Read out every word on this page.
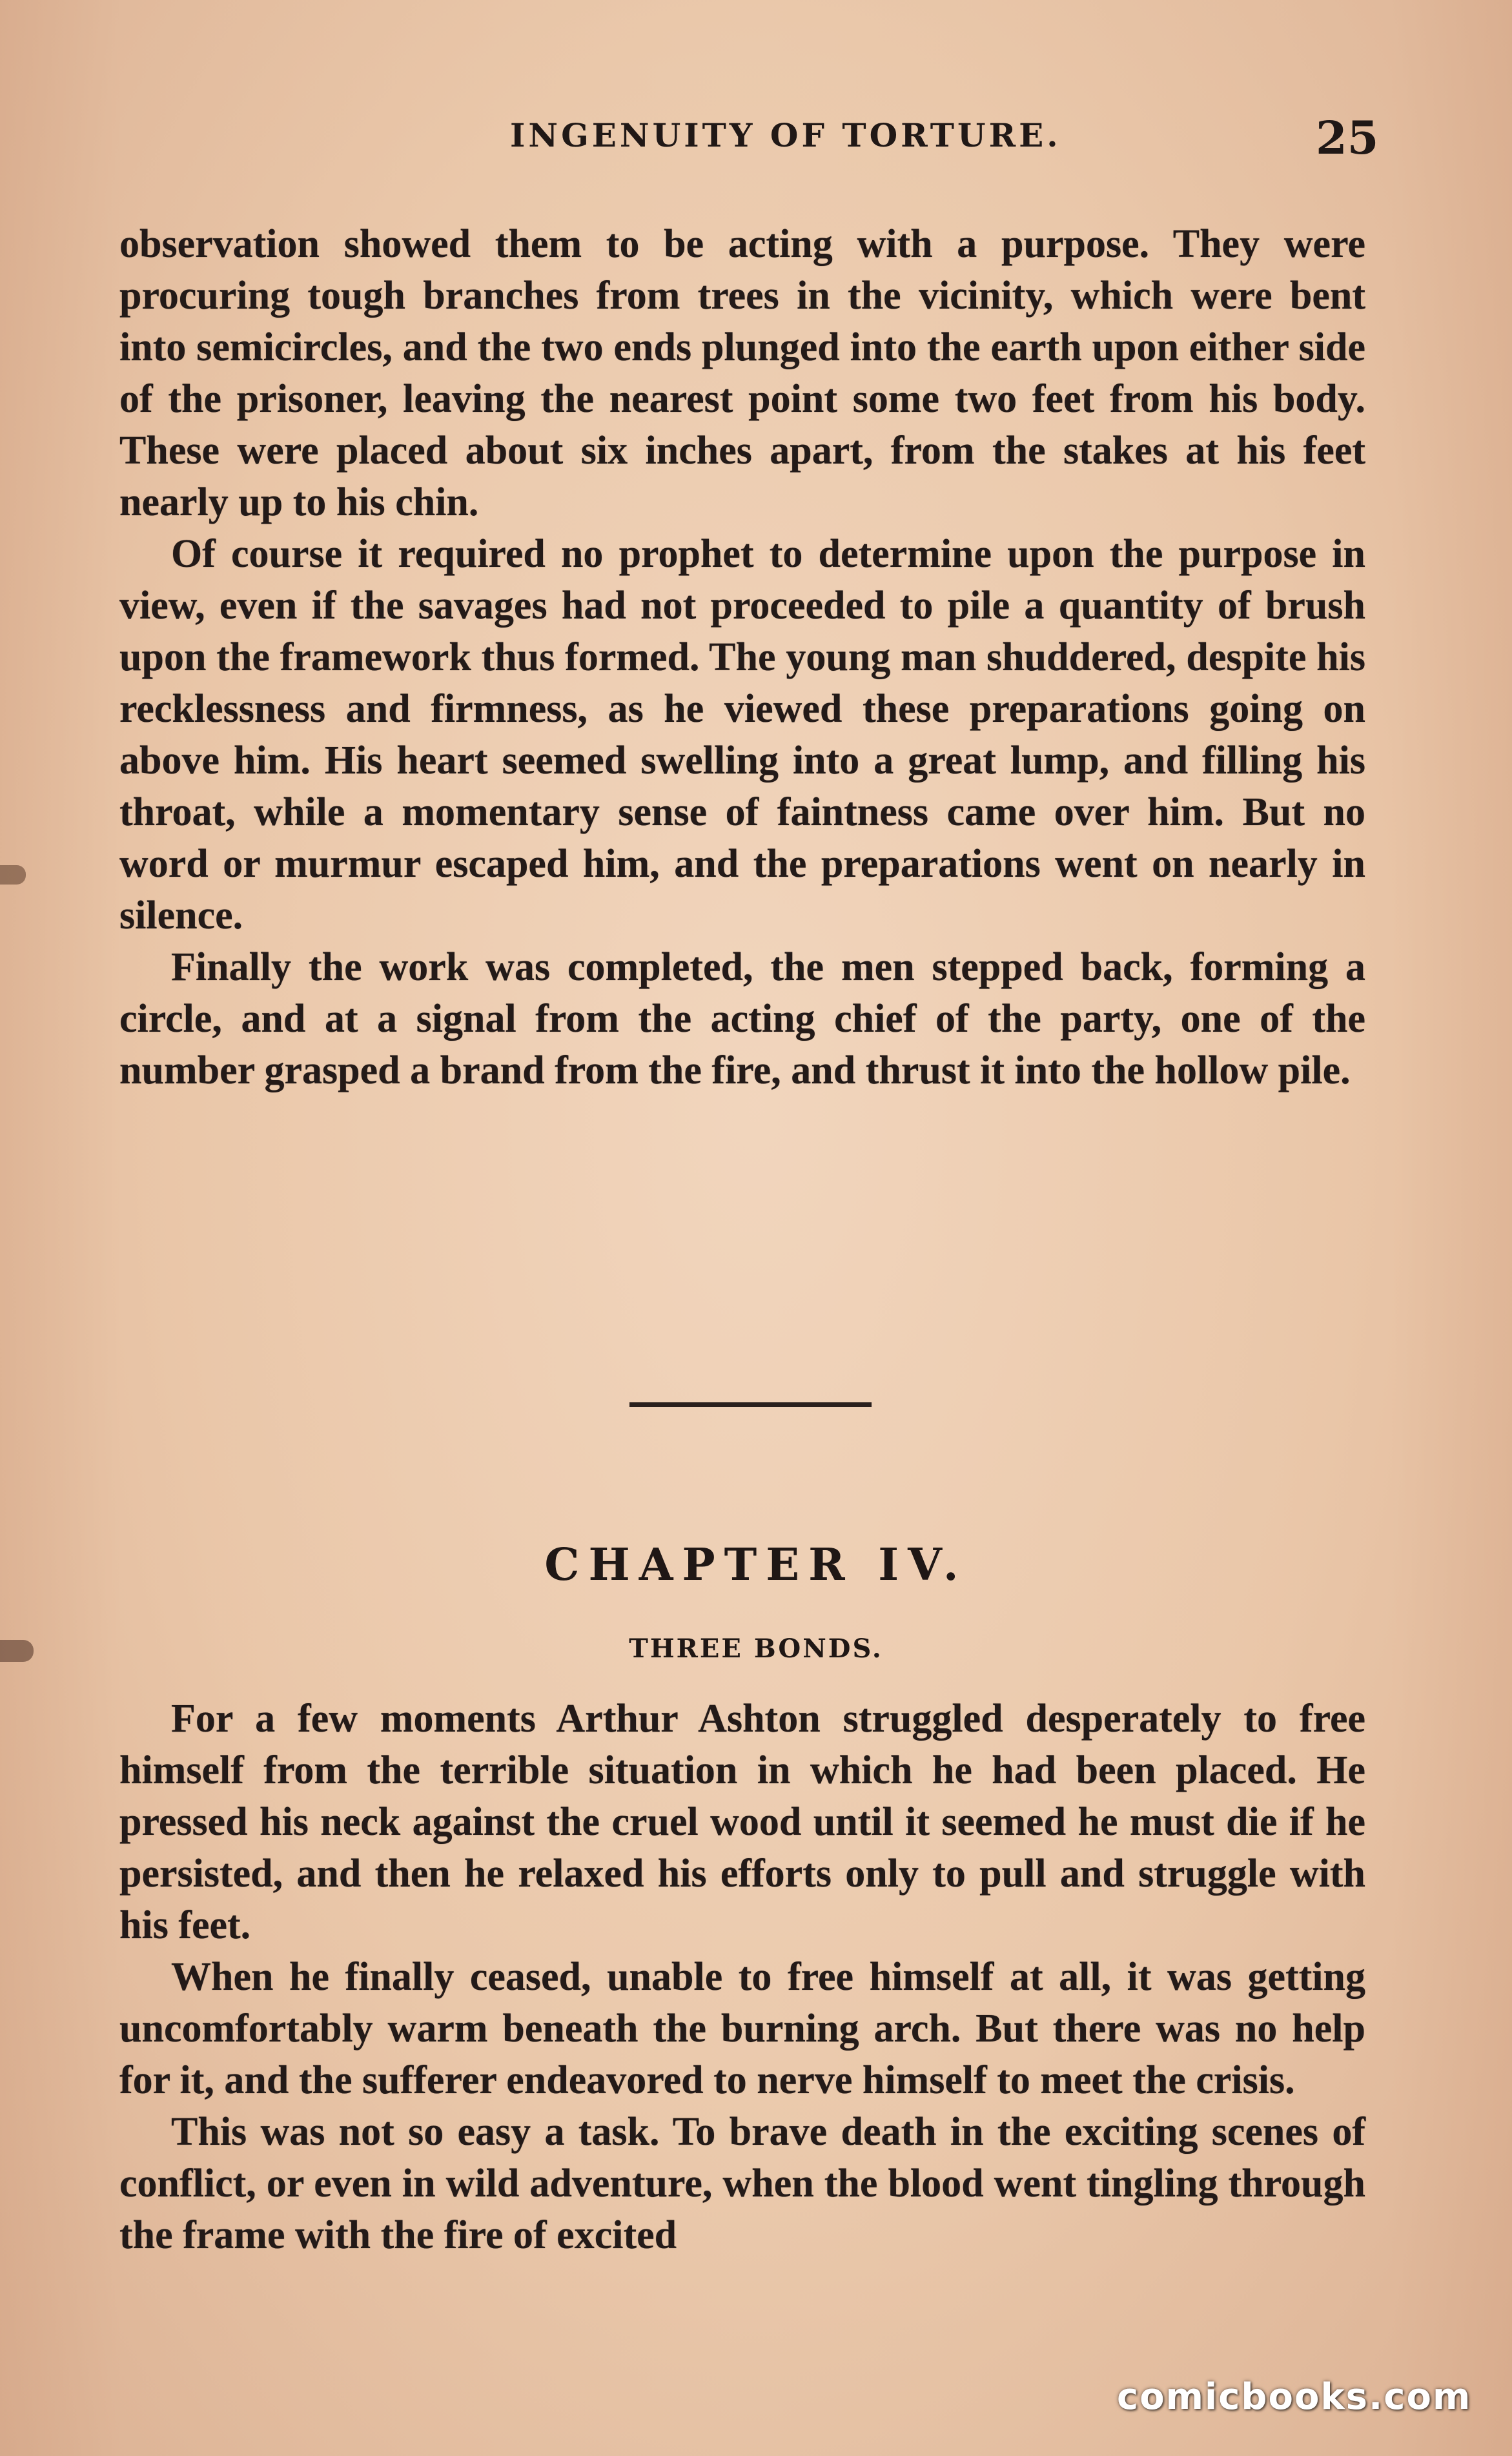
INGENUITY OF TORTURE.	25

observation showed them to be acting with a purpose. They were procuring tough branches from trees in the vicinity, which were bent into semicircles, and the two ends plunged into the earth upon either side of the prisoner, leaving the nearest point some two feet from his body. These were placed about six inches apart, from the stakes at his feet nearly up to his chin.

Of course it required no prophet to determine upon the purpose in view, even if the savages had not proceeded to pile a quantity of brush upon the framework thus formed. The young man shuddered, despite his recklessness and firmness, as he viewed these preparations going on above him. His heart seemed swelling into a great lump, and filling his throat, while a momentary sense of faintness came over him. But no word or murmur escaped him, and the preparations went on nearly in silence.

Finally the work was completed, the men stepped back, forming a circle, and at a signal from the acting chief of the party, one of the number grasped a brand from the fire, and thrust it into the hollow pile.

CHAPTER IV.
THREE BONDS.

For a few moments Arthur Ashton struggled desperately to free himself from the terrible situation in which he had been placed. He pressed his neck against the cruel wood until it seemed he must die if he persisted, and then he relaxed his efforts only to pull and struggle with his feet.

When he finally ceased, unable to free himself at all, it was getting uncomfortably warm beneath the burning arch. But there was no help for it, and the sufferer endeavored to nerve himself to meet the crisis.

This was not so easy a task. To brave death in the exciting scenes of conflict, or even in wild adventure, when the blood went tingling through the frame with the fire of excited

comicbooks.com
